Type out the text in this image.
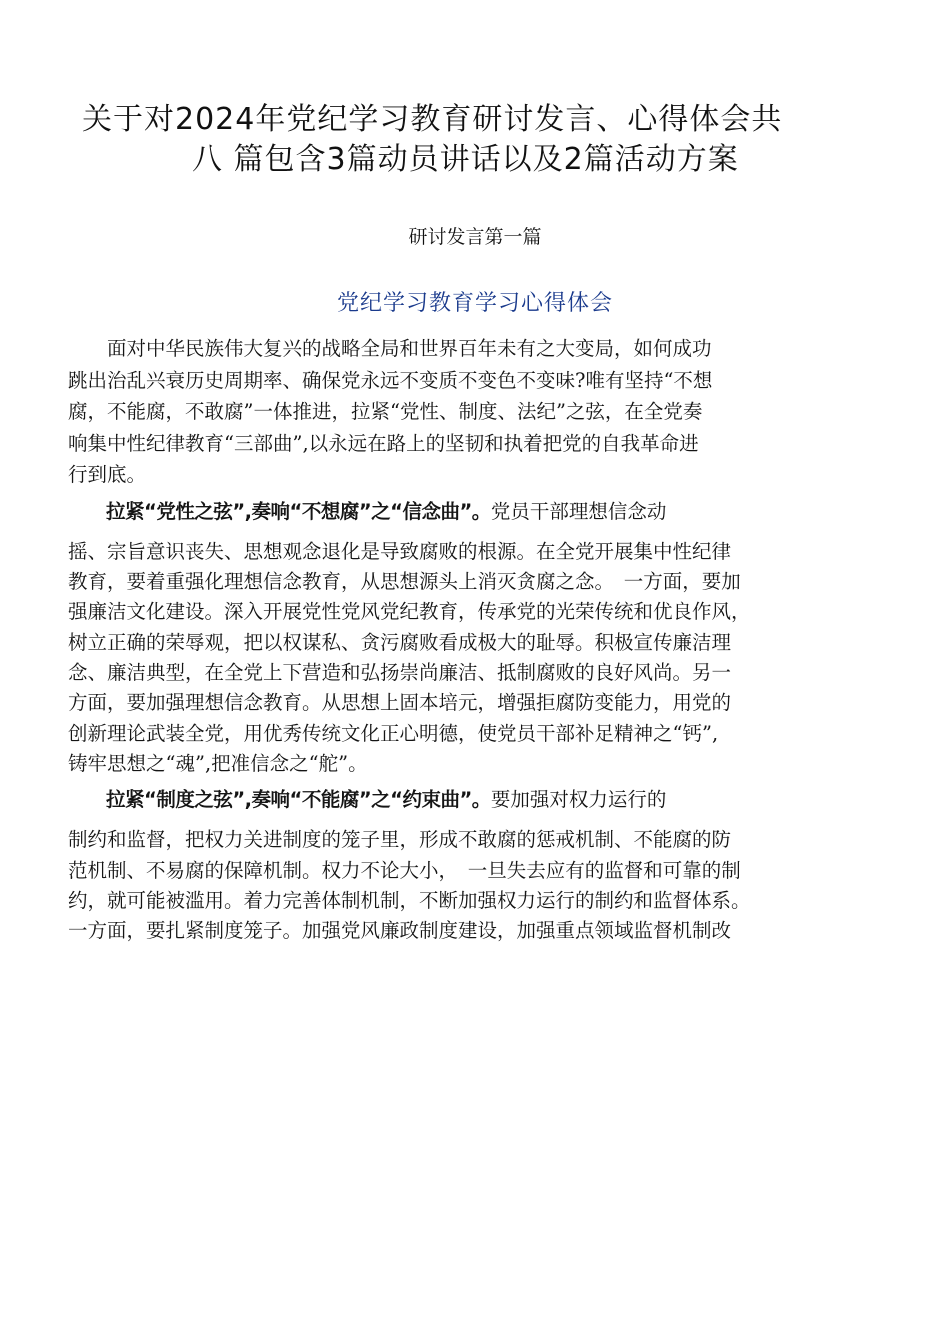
关于对2024年党纪学习教育研讨发言、心得体会共
八 篇包含3篇动员讲话以及2篇活动方案
研讨发言第一篇
党纪学习教育学习心得体会
　　面对中华民族伟大复兴的战略全局和世界百年未有之大变局，如何成功
跳出治乱兴衰历史周期率、确保党永远不变质不变色不变味?唯有坚持“不想
腐，不能腐，不敢腐”一体推进，拉紧“党性、制度、法纪”之弦，在全党奏
响集中性纪律教育“三部曲”,以永远在路上的坚韧和执着把党的自我革命进
行到底。
　　拉紧“党性之弦”,奏响“不想腐”之“信念曲”。党员干部理想信念动
摇、宗旨意识丧失、思想观念退化是导致腐败的根源。在全党开展集中性纪律
教育，要着重强化理想信念教育，从思想源头上消灭贪腐之念。　一方面，要加
强廉洁文化建设。深入开展党性党风党纪教育，传承党的光荣传统和优良作风，
树立正确的荣辱观，把以权谋私、贪污腐败看成极大的耻辱。积极宣传廉洁理
念、廉洁典型，在全党上下营造和弘扬崇尚廉洁、抵制腐败的良好风尚。另一
方面，要加强理想信念教育。从思想上固本培元，增强拒腐防变能力，用党的
创新理论武装全党，用优秀传统文化正心明德，使党员干部补足精神之“钙”,
铸牢思想之“魂”,把准信念之“舵”。
　　拉紧“制度之弦”,奏响“不能腐”之“约束曲”。要加强对权力运行的
制约和监督，把权力关进制度的笼子里，形成不敢腐的惩戒机制、不能腐的防
范机制、不易腐的保障机制。权力不论大小，　一旦失去应有的监督和可靠的制
约，就可能被滥用。着力完善体制机制，不断加强权力运行的制约和监督体系。
一方面，要扎紧制度笼子。加强党风廉政制度建设，加强重点领域监督机制改
